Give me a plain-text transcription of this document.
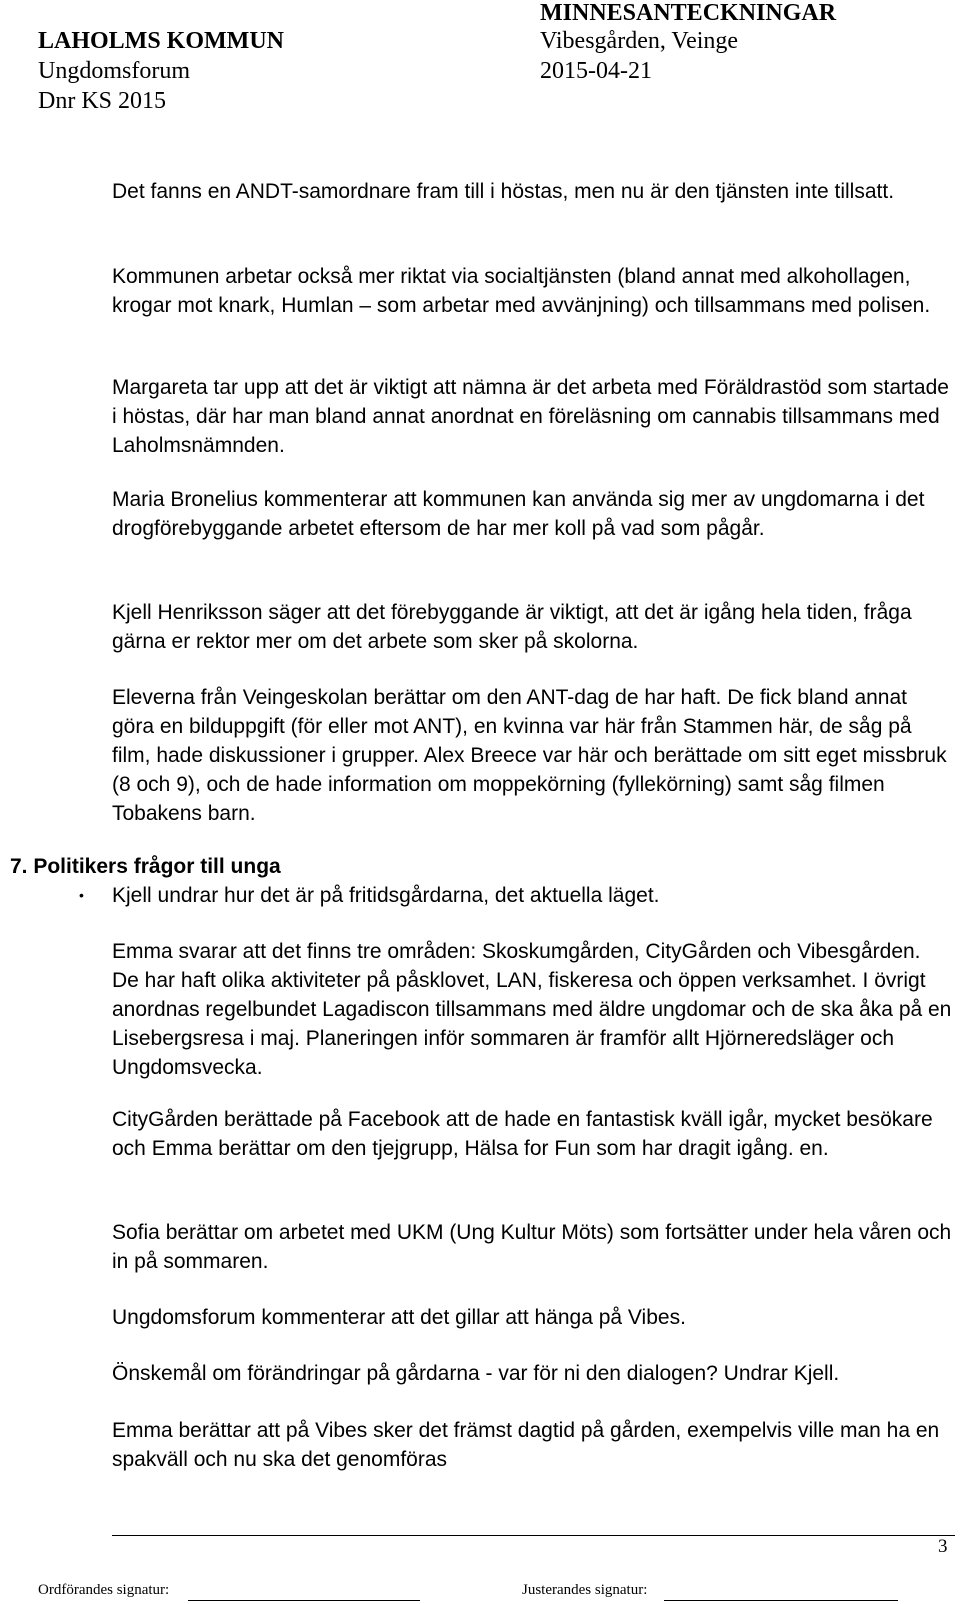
MINNESANTECKNINGAR
LAHOLMS KOMMUN	Vibesgården, Veinge
Ungdomsforum	2015-04-21
Dnr KS 2015

Det fanns en ANDT-samordnare fram till i höstas, men nu är den tjänsten inte tillsatt.

Kommunen arbetar också mer riktat via socialtjänsten (bland annat med alkohollagen, krogar mot knark, Humlan – som arbetar med avvänjning) och tillsammans med polisen.

Margareta tar upp att det är viktigt att nämna är det arbeta med Föräldrastöd som startade i höstas, där har man bland annat anordnat en föreläsning om cannabis tillsammans med Laholmsnämnden.

Maria Bronelius kommenterar att kommunen kan använda sig mer av ungdomarna i det drogförebyggande arbetet eftersom de har mer koll på vad som pågår.

Kjell Henriksson säger att det förebyggande är viktigt, att det är igång hela tiden, fråga gärna er rektor mer om det arbete som sker på skolorna.

Eleverna från Veingeskolan berättar om den ANT-dag de har haft. De fick bland annat göra en bilduppgift (för eller mot ANT), en kvinna var här från Stammen här, de såg på film, hade diskussioner i grupper. Alex Breece var här och berättade om sitt eget missbruk (8 och 9), och de hade information om moppekörning (fyllekörning) samt såg filmen Tobakens barn.

7. Politikers frågor till unga
• Kjell undrar hur det är på fritidsgårdarna, det aktuella läget.

Emma svarar att det finns tre områden: Skoskumgården, CityGården och Vibesgården. De har haft olika aktiviteter på påsklovet, LAN, fiskeresa och öppen verksamhet. I övrigt anordnas regelbundet Lagadiscon tillsammans med äldre ungdomar och de ska åka på en Lisebergsresa i maj. Planeringen inför sommaren är framför allt Hjörneredsläger och Ungdomsvecka.

CityGården berättade på Facebook att de hade en fantastisk kväll igår, mycket besökare och Emma berättar om den tjejgrupp, Hälsa for Fun som har dragit igång. en.

Sofia berättar om arbetet med UKM (Ung Kultur Möts) som fortsätter under hela våren och in på sommaren.

Ungdomsforum kommenterar att det gillar att hänga på Vibes.

Önskemål om förändringar på gårdarna - var för ni den dialogen? Undrar Kjell.

Emma berättar att på Vibes sker det främst dagtid på gården, exempelvis ville man ha en spakväll och nu ska det genomföras

3
Ordförandes signatur:	Justerandes signatur:
